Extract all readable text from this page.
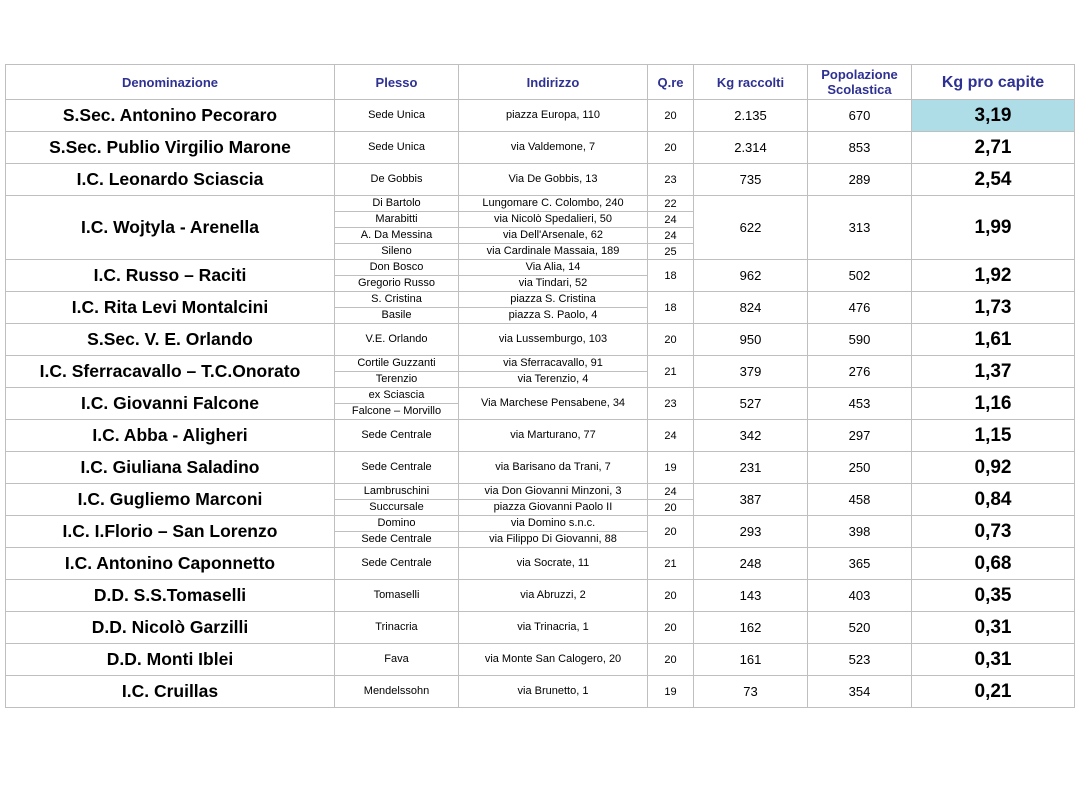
Denominazione	Plesso	Indirizzo	Q.re	Kg raccolti	Popolazione Scolastica	Kg pro capite
S.Sec. Antonino Pecoraro	Sede Unica	piazza Europa, 110	20	2.135	670	3,19
S.Sec. Publio Virgilio Marone	Sede Unica	via Valdemone, 7	20	2.314	853	2,71
I.C. Leonardo Sciascia	De Gobbis	Via De Gobbis, 13	23	735	289	2,54
I.C. Wojtyla - Arenella	Di Bartolo	Lungomare C. Colombo, 240	22	622	313	1,99
	Marabitti	via Nicolò Spedalieri, 50	24			
	A. Da Messina	via Dell'Arsenale, 62	24			
	Sileno	via Cardinale Massaia, 189	25			
I.C. Russo – Raciti	Don Bosco	Via Alia, 14	18	962	502	1,92
	Gregorio Russo	via Tindari, 52				
I.C. Rita Levi Montalcini	S. Cristina	piazza S. Cristina	18	824	476	1,73
	Basile	piazza S. Paolo, 4				
S.Sec. V. E. Orlando	V.E. Orlando	via Lussemburgo, 103	20	950	590	1,61
I.C. Sferracavallo – T.C.Onorato	Cortile Guzzanti	via Sferracavallo, 91	21	379	276	1,37
	Terenzio	via Terenzio, 4				
I.C. Giovanni Falcone	ex Sciascia	Via Marchese Pensabene, 34	23	527	453	1,16
	Falcone – Morvillo					
I.C. Abba - Aligheri	Sede Centrale	via Marturano, 77	24	342	297	1,15
I.C. Giuliana Saladino	Sede Centrale	via Barisano da Trani, 7	19	231	250	0,92
I.C. Gugliemo Marconi	Lambruschini	via Don Giovanni Minzoni, 3	24	387	458	0,84
	Succursale	piazza Giovanni Paolo II	20			
I.C. I.Florio – San Lorenzo	Domino	via Domino s.n.c.	20	293	398	0,73
	Sede Centrale	via Filippo Di Giovanni, 88				
I.C. Antonino Caponnetto	Sede Centrale	via Socrate, 11	21	248	365	0,68
D.D. S.S.Tomaselli	Tomaselli	via Abruzzi, 2	20	143	403	0,35
D.D. Nicolò Garzilli	Trinacria	via Trinacria, 1	20	162	520	0,31
D.D. Monti Iblei	Fava	via Monte San Calogero, 20	20	161	523	0,31
I.C. Cruillas	Mendelssohn	via Brunetto, 1	19	73	354	0,21
